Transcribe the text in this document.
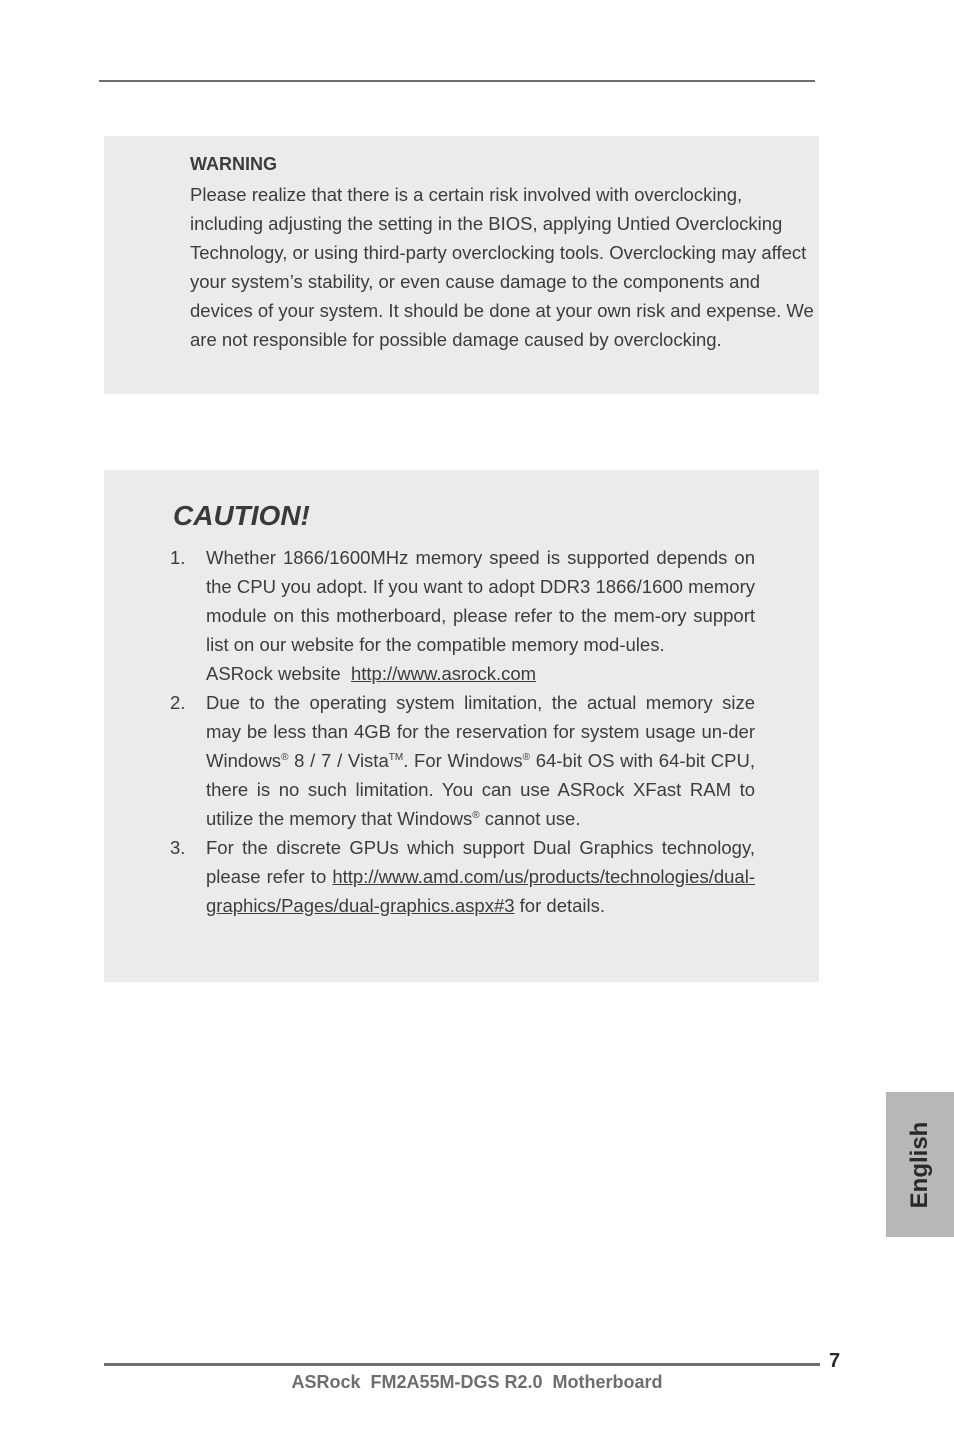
WARNING
Please realize that there is a certain risk involved with overclocking, including adjusting the setting in the BIOS, applying Untied Overclocking Technology, or using third-party overclocking tools. Overclocking may affect your system’s stability, or even cause damage to the components and devices of your system. It should be done at your own risk and expense. We are not responsible for possible damage caused by overclocking.
CAUTION!
1. Whether 1866/1600MHz memory speed is supported depends on the CPU you adopt. If you want to adopt DDR3 1866/1600 memory module on this motherboard, please refer to the mem-ory support list on our website for the compatible memory mod-ules.
ASRock website http://www.asrock.com
2. Due to the operating system limitation, the actual memory size may be less than 4GB for the reservation for system usage un-der Windows® 8 / 7 / Vista™. For Windows® 64-bit OS with 64-bit CPU, there is no such limitation. You can use ASRock XFast RAM to utilize the memory that Windows® cannot use.
3. For the discrete GPUs which support Dual Graphics technology, please refer to http://www.amd.com/us/products/technologies/dual-graphics/Pages/dual-graphics.aspx#3 for details.
English
7
ASRock  FM2A55M-DGS R2.0  Motherboard
